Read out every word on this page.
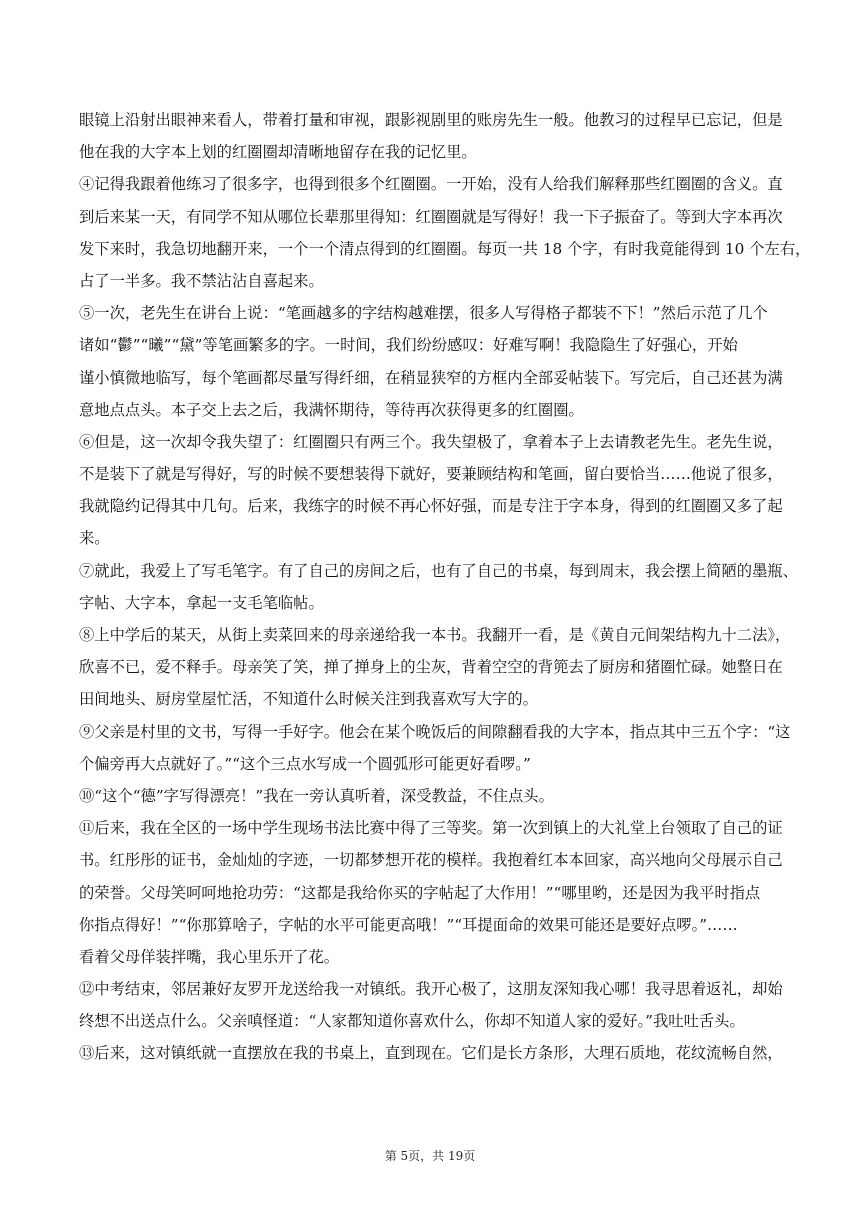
眼镜上沿射出眼神来看人，带着打量和审视，跟影视剧里的账房先生一般。他教习的过程早已忘记，但是
他在我的大字本上划的红圈圈却清晰地留存在我的记忆里。
④记得我跟着他练习了很多字，也得到很多个红圈圈。一开始，没有人给我们解释那些红圈圈的含义。直
到后来某一天，有同学不知从哪位长辈那里得知：红圈圈就是写得好！我一下子振奋了。等到大字本再次
发下来时，我急切地翻开来，一个一个清点得到的红圈圈。每页一共 18 个字，有时我竟能得到 10 个左右，
占了一半多。我不禁沾沾自喜起来。
⑤一次，老先生在讲台上说：“笔画越多的字结构越难摆，很多人写得格子都装不下！”然后示范了几个
诸如“鬱”“曦”“黛”等笔画繁多的字。一时间，我们纷纷感叹：好难写啊！我隐隐生了好强心，开始
谨小慎微地临写，每个笔画都尽量写得纤细，在稍显狭窄的方框内全部妥帖装下。写完后，自己还甚为满
意地点点头。本子交上去之后，我满怀期待，等待再次获得更多的红圈圈。
⑥但是，这一次却令我失望了：红圈圈只有两三个。我失望极了，拿着本子上去请教老先生。老先生说，
不是装下了就是写得好，写的时候不要想装得下就好，要兼顾结构和笔画，留白要恰当……他说了很多，
我就隐约记得其中几句。后来，我练字的时候不再心怀好强，而是专注于字本身，得到的红圈圈又多了起
来。
⑦就此，我爱上了写毛笔字。有了自己的房间之后，也有了自己的书桌，每到周末，我会摆上简陋的墨瓶、
字帖、大字本，拿起一支毛笔临帖。
⑧上中学后的某天，从街上卖菜回来的母亲递给我一本书。我翻开一看，是《黄自元间架结构九十二法》，
欣喜不已，爱不释手。母亲笑了笑，掸了掸身上的尘灰，背着空空的背篼去了厨房和猪圈忙碌。她整日在
田间地头、厨房堂屋忙活，不知道什么时候关注到我喜欢写大字的。
⑨父亲是村里的文书，写得一手好字。他会在某个晚饭后的间隙翻看我的大字本，指点其中三五个字：“这
个偏旁再大点就好了。”“这个三点水写成一个圆弧形可能更好看啰。”
⑩“这个“德”字写得漂亮！”我在一旁认真听着，深受教益，不住点头。
⑪后来，我在全区的一场中学生现场书法比赛中得了三等奖。第一次到镇上的大礼堂上台领取了自己的证
书。红彤彤的证书，金灿灿的字迹，一切都梦想开花的模样。我抱着红本本回家，高兴地向父母展示自己
的荣誉。父母笑呵呵地抢功劳：“这都是我给你买的字帖起了大作用！”“哪里哟，还是因为我平时指点
你指点得好！”“你那算啥子，字帖的水平可能更高哦！”“耳提面命的效果可能还是要好点啰。”……
看着父母佯装拌嘴，我心里乐开了花。
⑫中考结束，邻居兼好友罗开龙送给我一对镇纸。我开心极了，这朋友深知我心哪！我寻思着返礼，却始
终想不出送点什么。父亲嗔怪道：“人家都知道你喜欢什么，你却不知道人家的爱好。”我吐吐舌头。
⑬后来，这对镇纸就一直摆放在我的书桌上，直到现在。它们是长方条形，大理石质地，花纹流畅自然，
第 5页，共 19页
